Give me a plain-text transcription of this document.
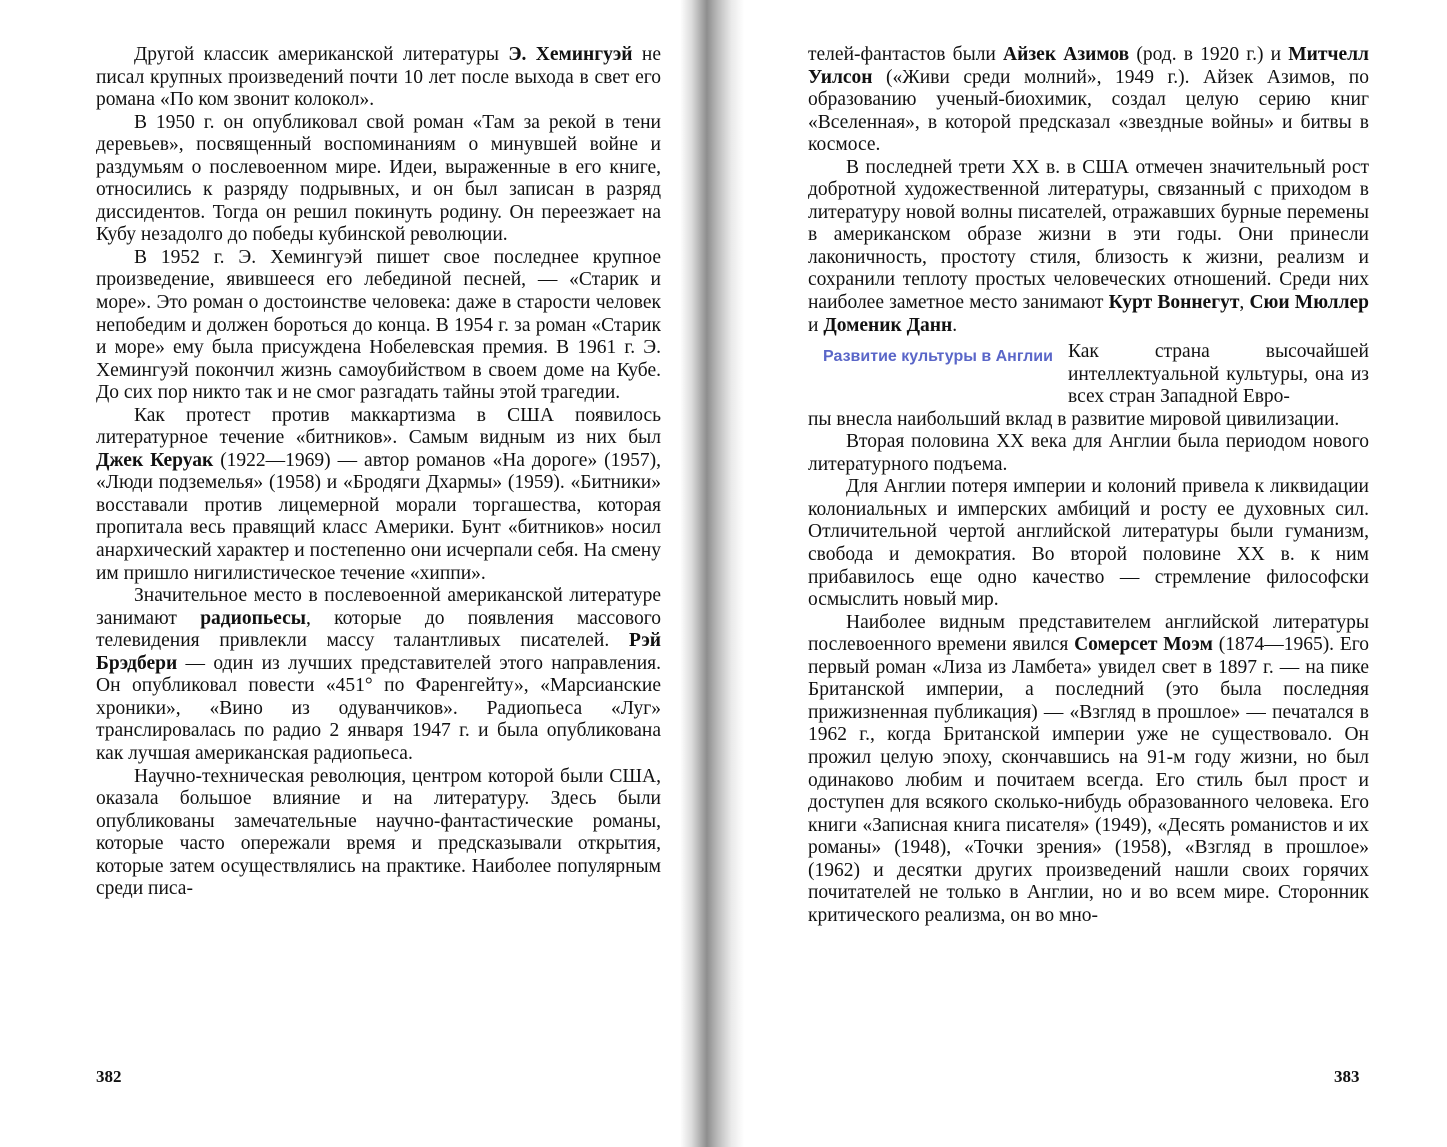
Другой классик американской литературы Э. Хемингуэй не писал крупных произведений почти 10 лет после выхода в свет его романа «По ком звонит колокол».

В 1950 г. он опубликовал свой роман «Там за рекой в тени деревьев», посвященный воспоминаниям о минувшей войне и раздумьям о послевоенном мире. Идеи, выраженные в его книге, относились к разряду подрывных, и он был записан в разряд диссидентов. Тогда он решил покинуть родину. Он переезжает на Кубу незадолго до победы кубинской революции.

В 1952 г. Э. Хемингуэй пишет свое последнее крупное произведение, явившееся его лебединой песней, — «Старик и море». Это роман о достоинстве человека: даже в старости человек непобедим и должен бороться до конца. В 1954 г. за роман «Старик и море» ему была присуждена Нобелевская премия. В 1961 г. Э. Хемингуэй покончил жизнь самоубийством в своем доме на Кубе. До сих пор никто так и не смог разгадать тайны этой трагедии.

Как протест против маккартизма в США появилось литературное течение «битников». Самым видным из них был Джек Керуак (1922—1969) — автор романов «На дороге» (1957), «Люди подземелья» (1958) и «Бродяги Дхармы» (1959). «Битники» восставали против лицемерной морали торгашества, которая пропитала весь правящий класс Америки. Бунт «битников» носил анархический характер и постепенно они исчерпали себя. На смену им пришло нигилистическое течение «хиппи».

Значительное место в послевоенной американской литературе занимают радиопьесы, которые до появления массового телевидения привлекли массу талантливых писателей. Рэй Брэдбери — один из лучших представителей этого направления. Он опубликовал повести «451° по Фаренгейту», «Марсианские хроники», «Вино из одуванчиков». Радиопьеса «Луг» транслировалась по радио 2 января 1947 г. и была опубликована как лучшая американская радиопьеса.

Научно-техническая революция, центром которой были США, оказала большое влияние и на литературу. Здесь были опубликованы замечательные научно-фантастические романы, которые часто опережали время и предсказывали открытия, которые затем осуществлялись на практике. Наиболее популярным среди писа-

382

телей-фантастов были Айзек Азимов (род. в 1920 г.) и Митчелл Уилсон («Живи среди молний», 1949 г.). Айзек Азимов, по образованию ученый-биохимик, создал целую серию книг «Вселенная», в которой предсказал «звездные войны» и битвы в космосе.

В последней трети XX в. в США отмечен значительный рост добротной художественной литературы, связанный с приходом в литературу новой волны писателей, отражавших бурные перемены в американском образе жизни в эти годы. Они принесли лаконичность, простоту стиля, близость к жизни, реализм и сохранили теплоту простых человеческих отношений. Среди них наиболее заметное место занимают Курт Воннегут, Сюи Мюллер и Доменик Данн.

Развитие культуры в Англии Как страна высочайшей интеллектуальной культуры, она из всех стран Западной Евро-

пы внесла наибольший вклад в развитие мировой цивилизации.

Вторая половина XX века для Англии была периодом нового литературного подъема.

Для Англии потеря империи и колоний привела к ликвидации колониальных и имперских амбиций и росту ее духовных сил. Отличительной чертой английской литературы были гуманизм, свобода и демократия. Во второй половине XX в. к ним прибавилось еще одно качество — стремление философски осмыслить новый мир.

Наиболее видным представителем английской литературы послевоенного времени явился Сомерсет Моэм (1874—1965). Его первый роман «Лиза из Ламбета» увидел свет в 1897 г. — на пике Британской империи, а последний (это была последняя прижизненная публикация) — «Взгляд в прошлое» — печатался в 1962 г., когда Британской империи уже не существовало. Он прожил целую эпоху, скончавшись на 91-м году жизни, но был одинаково любим и почитаем всегда. Его стиль был прост и доступен для всякого сколько-нибудь образованного человека. Его книги «Записная книга писателя» (1949), «Десять романистов и их романы» (1948), «Точки зрения» (1958), «Взгляд в прошлое» (1962) и десятки других произведений нашли своих горячих почитателей не только в Англии, но и во всем мире. Сторонник критического реализма, он во мно-

383
